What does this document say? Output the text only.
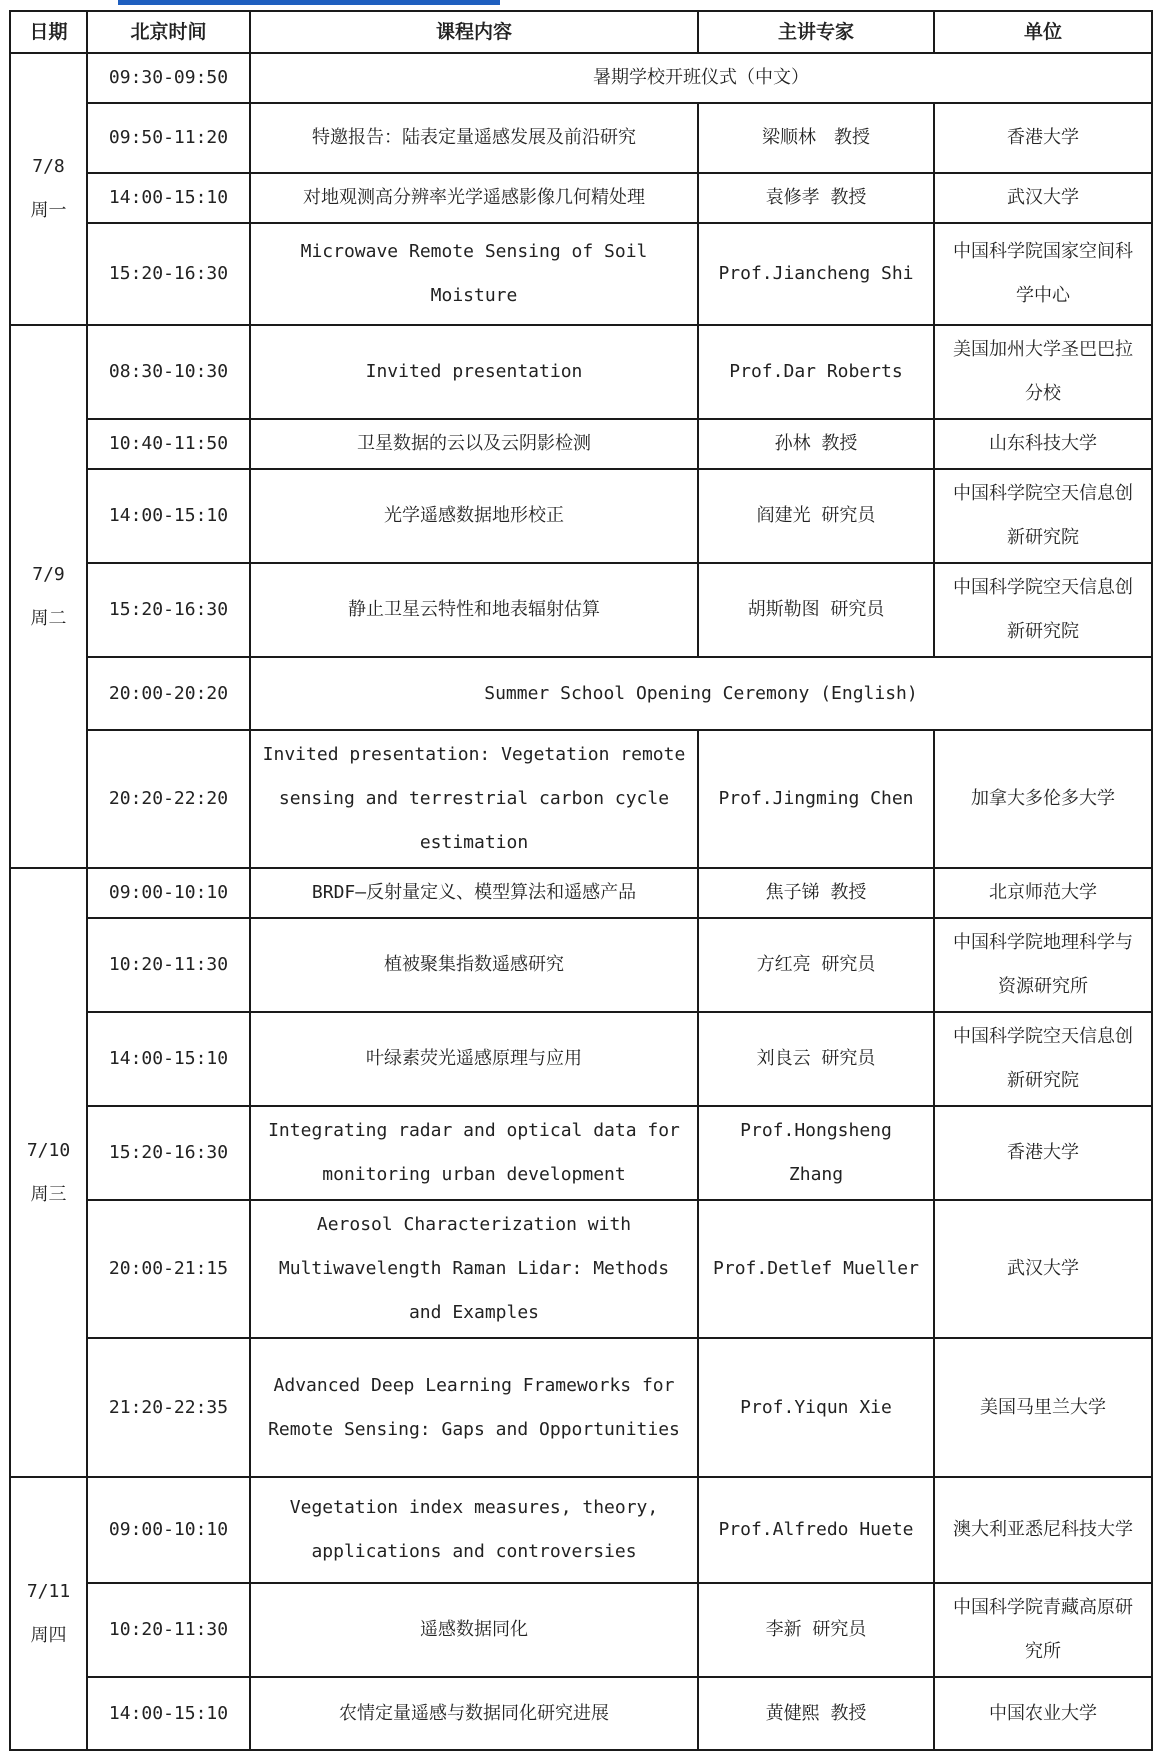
日期	北京时间	课程内容	主讲专家	单位

7/8
周一	09:30-09:50	暑期学校开班仪式（中文）		
	09:50-11:20	特邀报告：陆表定量遥感发展及前沿研究	梁顺林　教授	香港大学
	14:00-15:10	对地观测高分辨率光学遥感影像几何精处理	袁修孝 教授	武汉大学
	15:20-16:30	Microwave Remote Sensing of Soil Moisture	Prof.Jiancheng Shi	中国科学院国家空间科学中心

7/9
周二	08:30-10:30	Invited presentation	Prof.Dar Roberts	美国加州大学圣巴巴拉分校
	10:40-11:50	卫星数据的云以及云阴影检测	孙林 教授	山东科技大学
	14:00-15:10	光学遥感数据地形校正	阎建光 研究员	中国科学院空天信息创新研究院
	15:20-16:30	静止卫星云特性和地表辐射估算	胡斯勒图 研究员	中国科学院空天信息创新研究院
	20:00-20:20	Summer School Opening Ceremony (English)		
	20:20-22:20	Invited presentation: Vegetation remote sensing and terrestrial carbon cycle estimation	Prof.Jingming Chen	加拿大多伦多大学

7/10
周三	09:00-10:10	BRDF—反射量定义、模型算法和遥感产品	焦子锑 教授	北京师范大学
	10:20-11:30	植被聚集指数遥感研究	方红亮 研究员	中国科学院地理科学与资源研究所
	14:00-15:10	叶绿素荧光遥感原理与应用	刘良云 研究员	中国科学院空天信息创新研究院
	15:20-16:30	Integrating radar and optical data for monitoring urban development	Prof.Hongsheng Zhang	香港大学
	20:00-21:15	Aerosol Characterization with Multiwavelength Raman Lidar: Methods and Examples	Prof.Detlef Mueller	武汉大学
	21:20-22:35	Advanced Deep Learning Frameworks for Remote Sensing: Gaps and Opportunities	Prof.Yiqun Xie	美国马里兰大学

7/11
周四	09:00-10:10	Vegetation index measures, theory, applications and controversies	Prof.Alfredo Huete	澳大利亚悉尼科技大学
	10:20-11:30	遥感数据同化	李新 研究员	中国科学院青藏高原研究所
	14:00-15:10	农情定量遥感与数据同化研究进展	黄健熙 教授	中国农业大学
